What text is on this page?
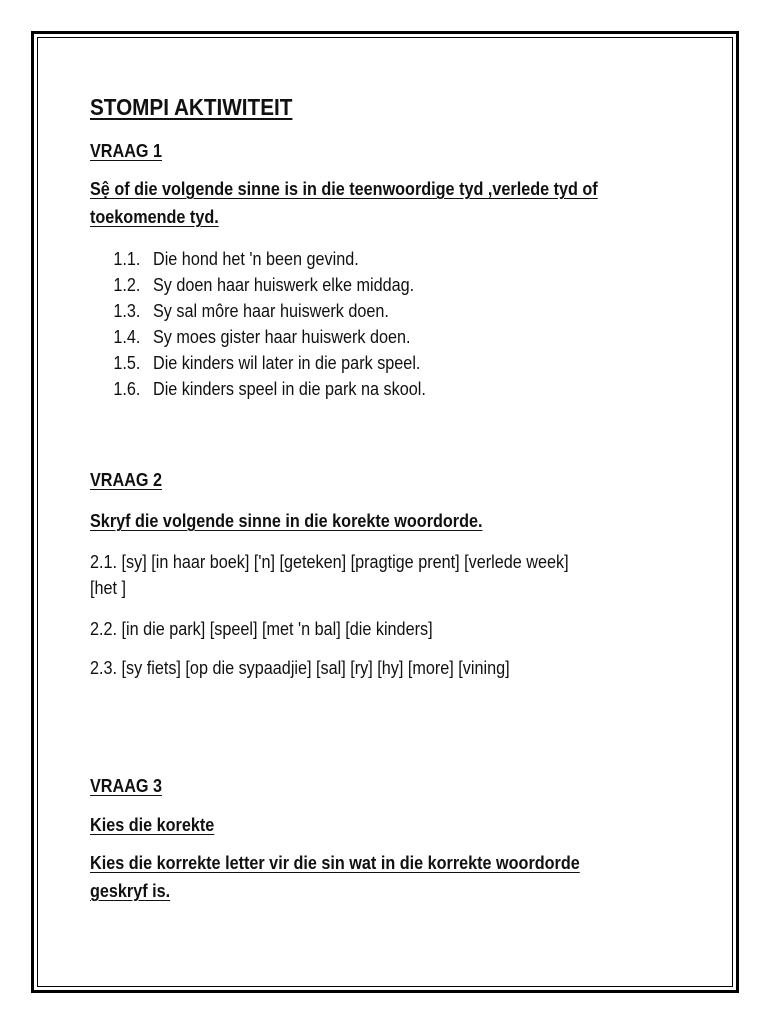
STOMPI AKTIWITEIT
VRAAG 1
Sệ of die volgende sinne is in die teenwoordige tyd ,verlede tyd of
toekomende tyd.
1.1. Die hond het 'n been gevind.
1.2. Sy doen haar huiswerk elke middag.
1.3. Sy sal môre haar huiswerk doen.
1.4. Sy moes gister haar huiswerk doen.
1.5. Die kinders wil later in die park speel.
1.6. Die kinders speel in die park na skool.
VRAAG 2
Skryf die volgende sinne in die korekte woordorde.
2.1. [sy] [in haar boek] ['n] [geteken] [pragtige prent] [verlede week]
[het ]
2.2. [in die park] [speel] [met 'n bal] [die kinders]
2.3. [sy fiets] [op die sypaadjie] [sal] [ry] [hy] [more] [vining]
VRAAG 3
Kies die korekte
Kies die korrekte letter vir die sin wat in die korrekte woordorde
geskryf is.
